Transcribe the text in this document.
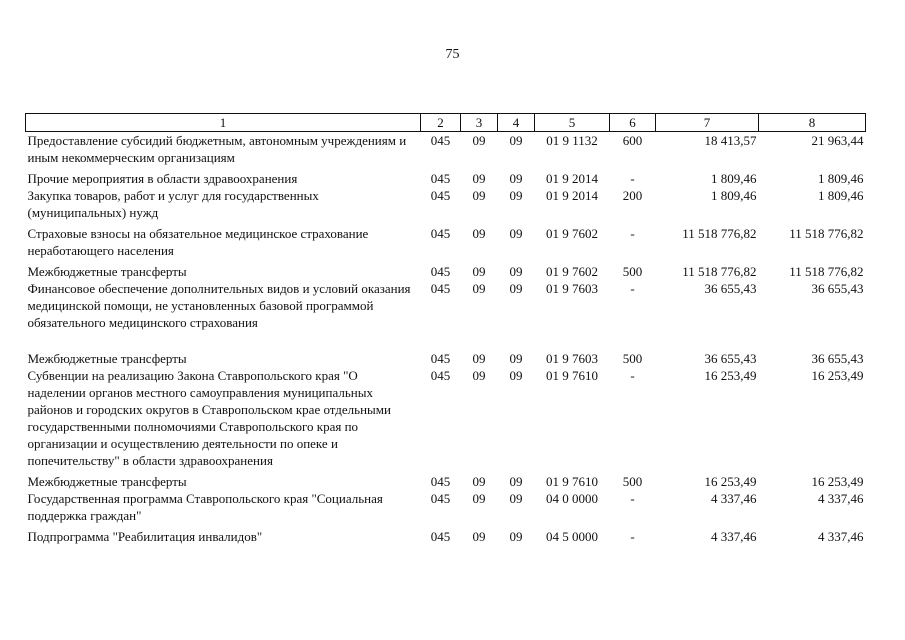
75
1	2	3	4	5	6	7	8
Предоставление субсидий бюджетным, автономным учреждениям и иным некоммерческим организациям	045	09	09	01 9 1132	600	18 413,57	21 963,44
Прочие мероприятия в области здравоохранения	045	09	09	01 9 2014	-	1 809,46	1 809,46
Закупка товаров, работ и услуг для государственных (муниципальных) нужд	045	09	09	01 9 2014	200	1 809,46	1 809,46
Страховые взносы на обязательное медицинское страхование неработающего населения	045	09	09	01 9 7602	-	11 518 776,82	11 518 776,82
Межбюджетные трансферты	045	09	09	01 9 7602	500	11 518 776,82	11 518 776,82
Финансовое обеспечение дополнительных видов и условий оказания медицинской помощи, не установленных базовой программой обязательного медицинского страхования	045	09	09	01 9 7603	-	36 655,43	36 655,43
Межбюджетные трансферты	045	09	09	01 9 7603	500	36 655,43	36 655,43
Субвенции на реализацию Закона Ставропольского края "О наделении органов местного самоуправления муниципальных районов и городских округов в Ставропольском крае отдельными государственными полномочиями Ставропольского края по организации и осуществлению деятельности по опеке и попечительству" в области здравоохранения	045	09	09	01 9 7610	-	16 253,49	16 253,49
Межбюджетные трансферты	045	09	09	01 9 7610	500	16 253,49	16 253,49
Государственная программа Ставропольского края "Социальная поддержка граждан"	045	09	09	04 0 0000	-	4 337,46	4 337,46
Подпрограмма "Реабилитация инвалидов"	045	09	09	04 5 0000	-	4 337,46	4 337,46
